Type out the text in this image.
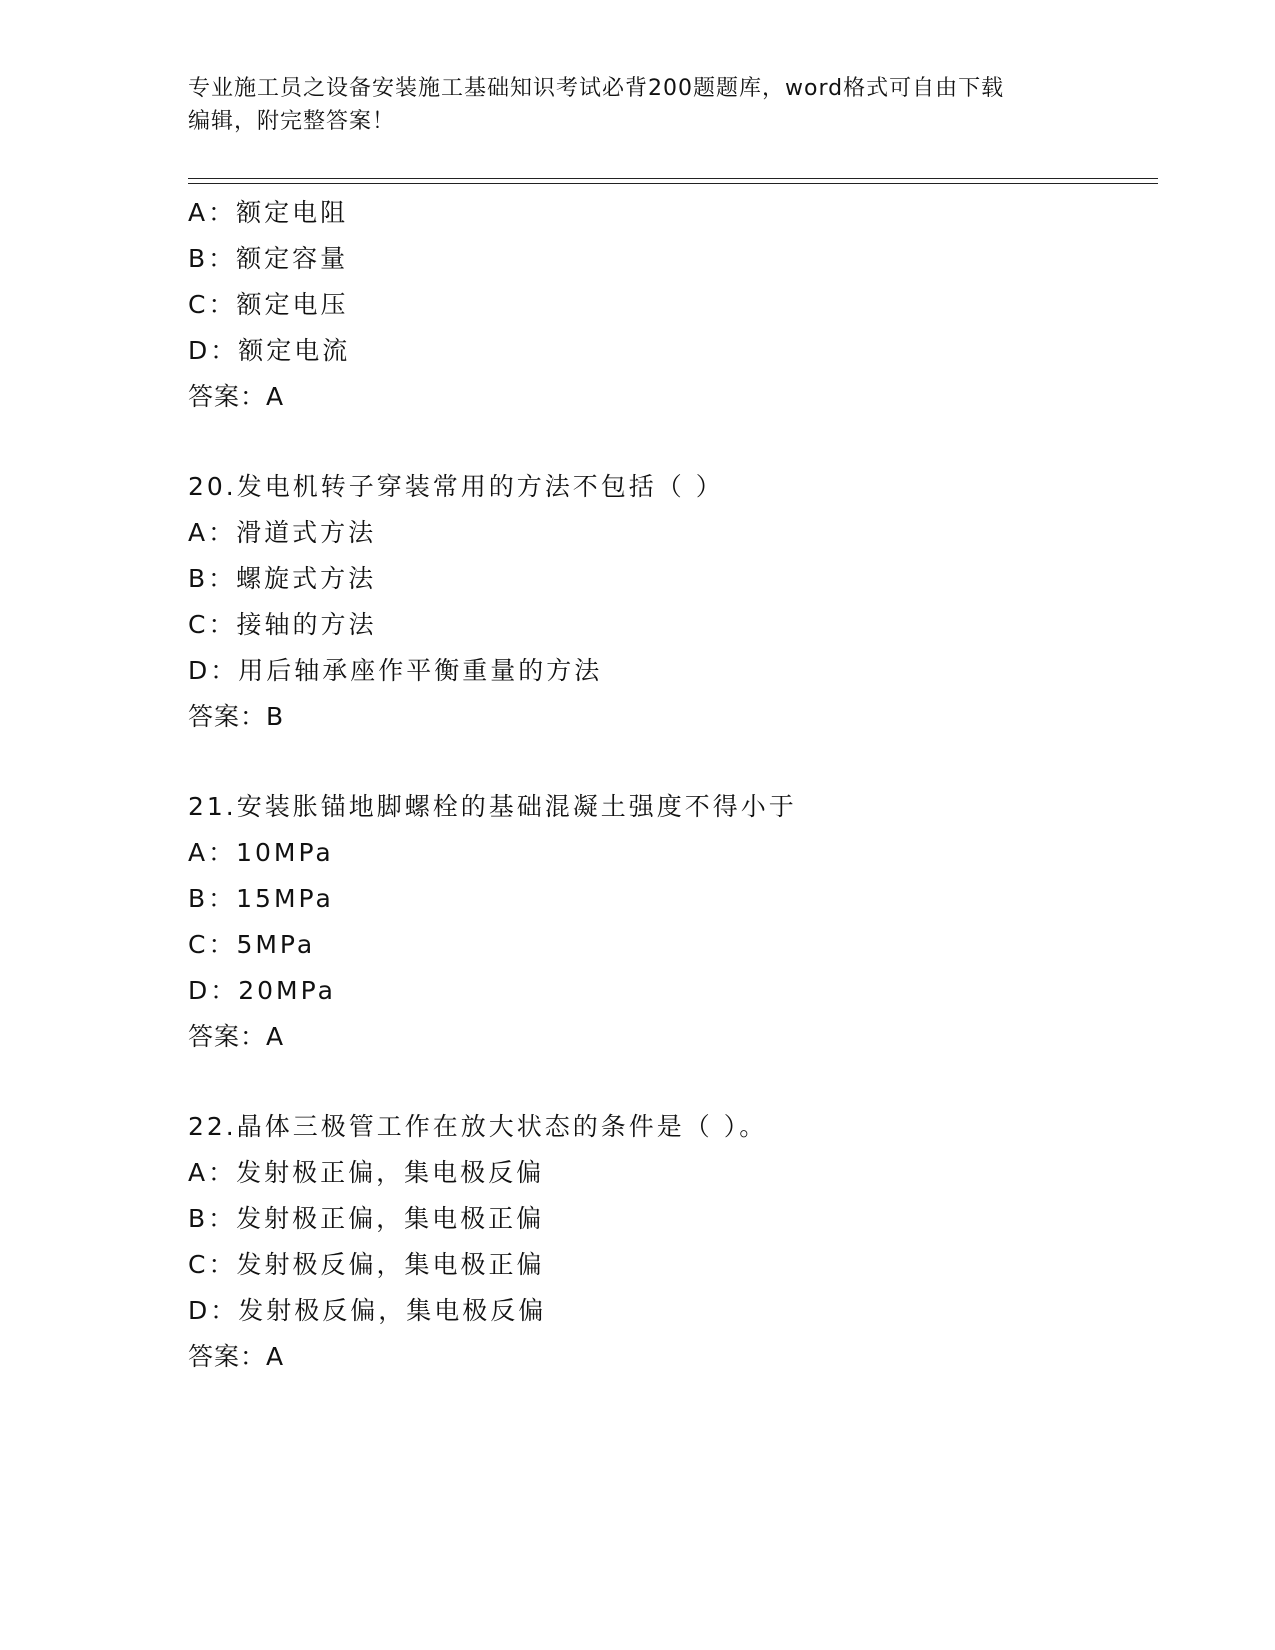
专业施工员之设备安装施工基础知识考试必背200题题库，word格式可自由下载
编辑，附完整答案！
A：额定电阻
B：额定容量
C：额定电压
D：额定电流
答案：A
20.发电机转子穿装常用的方法不包括（ ）
A：滑道式方法
B：螺旋式方法
C：接轴的方法
D：用后轴承座作平衡重量的方法
答案：B
21.安装胀锚地脚螺栓的基础混凝土强度不得小于
A：10MPa
B：15MPa
C：5MPa
D：20MPa
答案：A
22.晶体三极管工作在放大状态的条件是（ ）。
A：发射极正偏，集电极反偏
B：发射极正偏，集电极正偏
C：发射极反偏，集电极正偏
D：发射极反偏，集电极反偏
答案：A
